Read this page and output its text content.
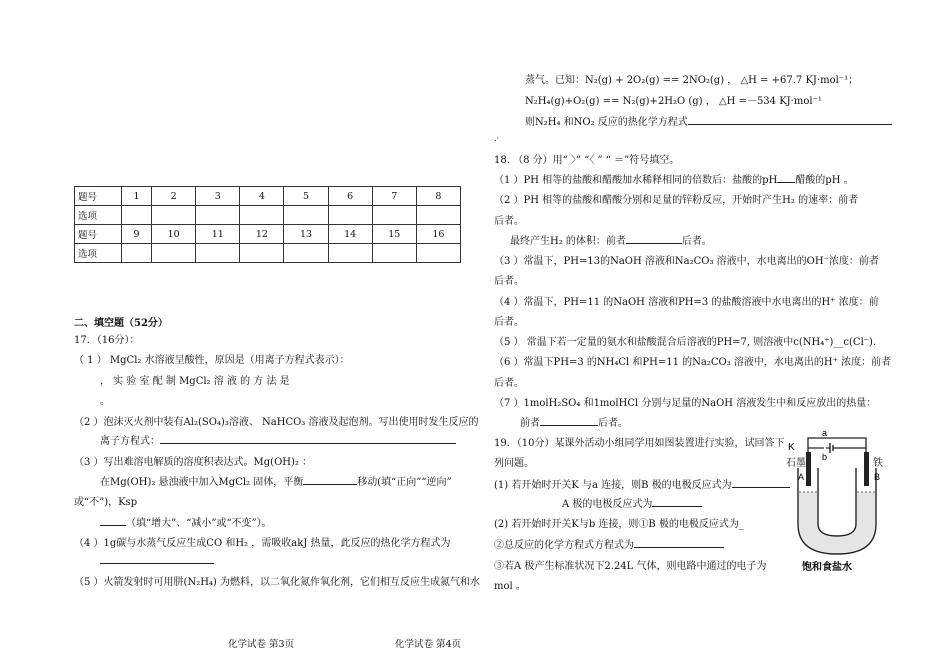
题号	1	2	3	4	5	6	7	8
选项								
题号	9	10	11	12	13	14	15	16
选项								
二、填空题（52分）
17．（16分）：
（ 1 ） MgCl₂ 水溶液呈酸性，原因是（用离子方程式表示）：
， 实 验 室 配 制 MgCl₂ 溶 液 的 方 法 是
。
（2 ）泡沫灭火剂中装有Al₂(SO₄)₃溶液、 NaHCO₃ 溶液及起泡剂。写出使用时发生反应的
离子方程式：
（3 ）写出难溶电解质的溶度积表达式。Mg(OH)₂ ：
在Mg(OH)₂ 悬浊液中加入MgCl₂ 固体，平衡	移动(填“正向”“逆向”
或“不”)，Ksp
（填“增大”、“减小”或“不变”）。
（4 ）1g碳与水蒸气反应生成CO 和H₂ ，需吸收akJ 热量，此反应的热化学方程式为
（5 ）火箭发射时可用肼(N₂H₄) 为燃料，以二氧化氮作氧化剂，它们相互反应生成氮气和水
化学试卷 第3页
蒸气。已知：N₂(g) + 2O₂(g) == 2NO₂(g) ， △H = +67.7 KJ·mol⁻¹；
N₂H₄(g)+O₂(g) == N₂(g)+2H₂O (g) ， △H =－534 KJ·mol⁻¹
则N₂H₄ 和NO₂ 反应的热化学方程式
.·
18. （8 分）用“ 〉” “〈 ” “ ＝”符号填空。
（1 ）PH 相等的盐酸和醋酸加水稀释相同的倍数后：盐酸的pH 醋酸的pH 。
（2 ）PH 相等的盐酸和醋酸分别和足量的锌粉反应，开始时产生H₂ 的速率：前者
后者。
最终产生H₂ 的体积：前者	后者。
（3 ）常温下，PH=13的NaOH 溶液和Na₂CO₃ 溶液中，水电离出的OH⁻浓度：前者
后者。
（4 ）常温下，PH=11 的NaOH 溶液和PH=3 的盐酸溶液中水电离出的H⁺ 浓度：前
后者。
（5 ） 常温下若一定量的氨水和盐酸混合后溶液的PH=7, 则溶液中c(NH₄⁺)__c(Cl⁻).
（6 ）常温下PH=3 的NH₄Cl 和PH=11 的Na₂CO₃ 溶液中，水电离出的H⁺ 浓度：前者
后者。
（7 ）1molH₂SO₄ 和1molHCl 分别与足量的NaOH 溶液发生中和反应放出的热量：
前者	后者。
19．（10分）某课外活动小组同学用如图装置进行实验，试回答下
列问题。
(1) 若开始时开关K 与a 连接，则B 极的电极反应式为
A 极的电极反应式为
(2) 若开始时开关K与b 连接，则①B 极的电极反应式为_
②总反应的化学方程式方程式为
③若A 极产生标准状况下2.24L 气体，则电路中通过的电子为
mol 。
化学试卷 第4页
a
K
b
石墨	铁
A	B
饱和食盐水
